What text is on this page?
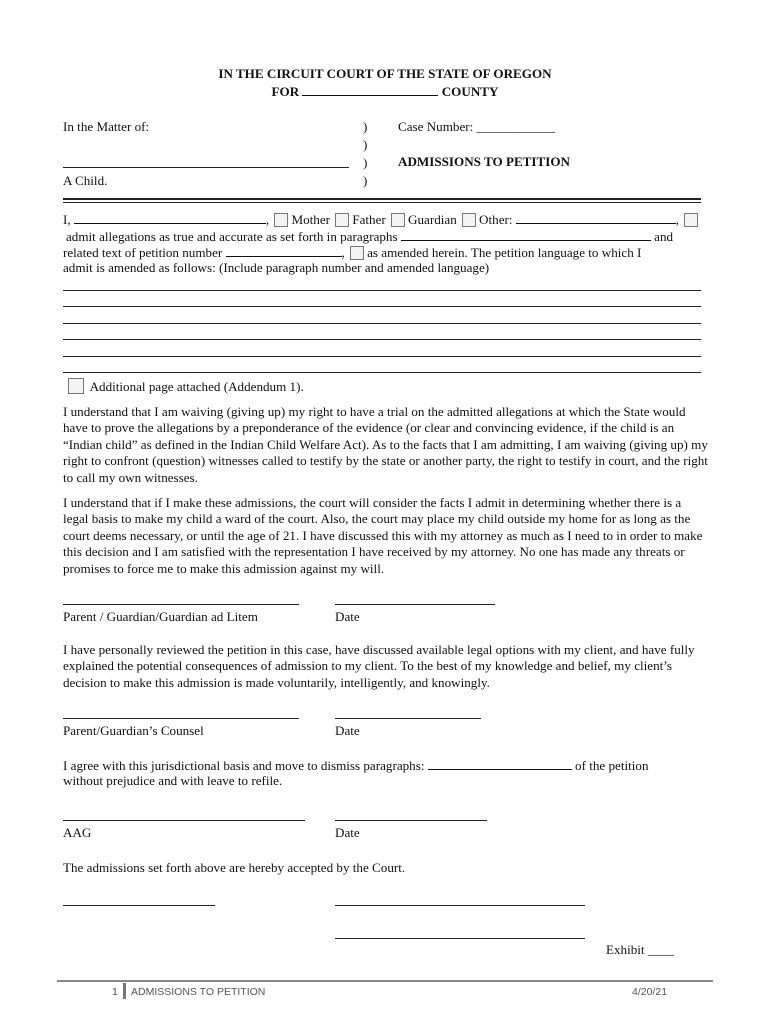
IN THE CIRCUIT COURT OF THE STATE OF OREGON
FOR	COUNTY
In the Matter of:
A Child.
)
)
)
)
Case Number: ____________
ADMISSIONS TO PETITION
I,	, Mother Father Guardian Other:	,
admit allegations as true and accurate as set forth in paragraphs	and
related text of petition number	, as amended herein. The petition language to which I
admit is amended as follows: (Include paragraph number and amended language)
Additional page attached (Addendum 1).
I understand that I am waiving (giving up) my right to have a trial on the admitted allegations at which the State would have to prove the allegations by a preponderance of the evidence (or clear and convincing evidence, if the child is an “Indian child” as defined in the Indian Child Welfare Act). As to the facts that I am admitting, I am waiving (giving up) my right to confront (question) witnesses called to testify by the state or another party, the right to testify in court, and the right to call my own witnesses.
I understand that if I make these admissions, the court will consider the facts I admit in determining whether there is a legal basis to make my child a ward of the court. Also, the court may place my child outside my home for as long as the court deems necessary, or until the age of 21. I have discussed this with my attorney as much as I need to in order to make this decision and I am satisfied with the representation I have received by my attorney. No one has made any threats or promises to force me to make this admission against my will.
Parent / Guardian/Guardian ad Litem	Date
I have personally reviewed the petition in this case, have discussed available legal options with my client, and have fully explained the potential consequences of admission to my client. To the best of my knowledge and belief, my client’s decision to make this admission is made voluntarily, intelligently, and knowingly.
Parent/Guardian’s Counsel	Date
I agree with this jurisdictional basis and move to dismiss paragraphs:	of the petition
without prejudice and with leave to refile.
AAG	Date
The admissions set forth above are hereby accepted by the Court.
Exhibit ____
1 ADMISSIONS TO PETITION	4/20/21
